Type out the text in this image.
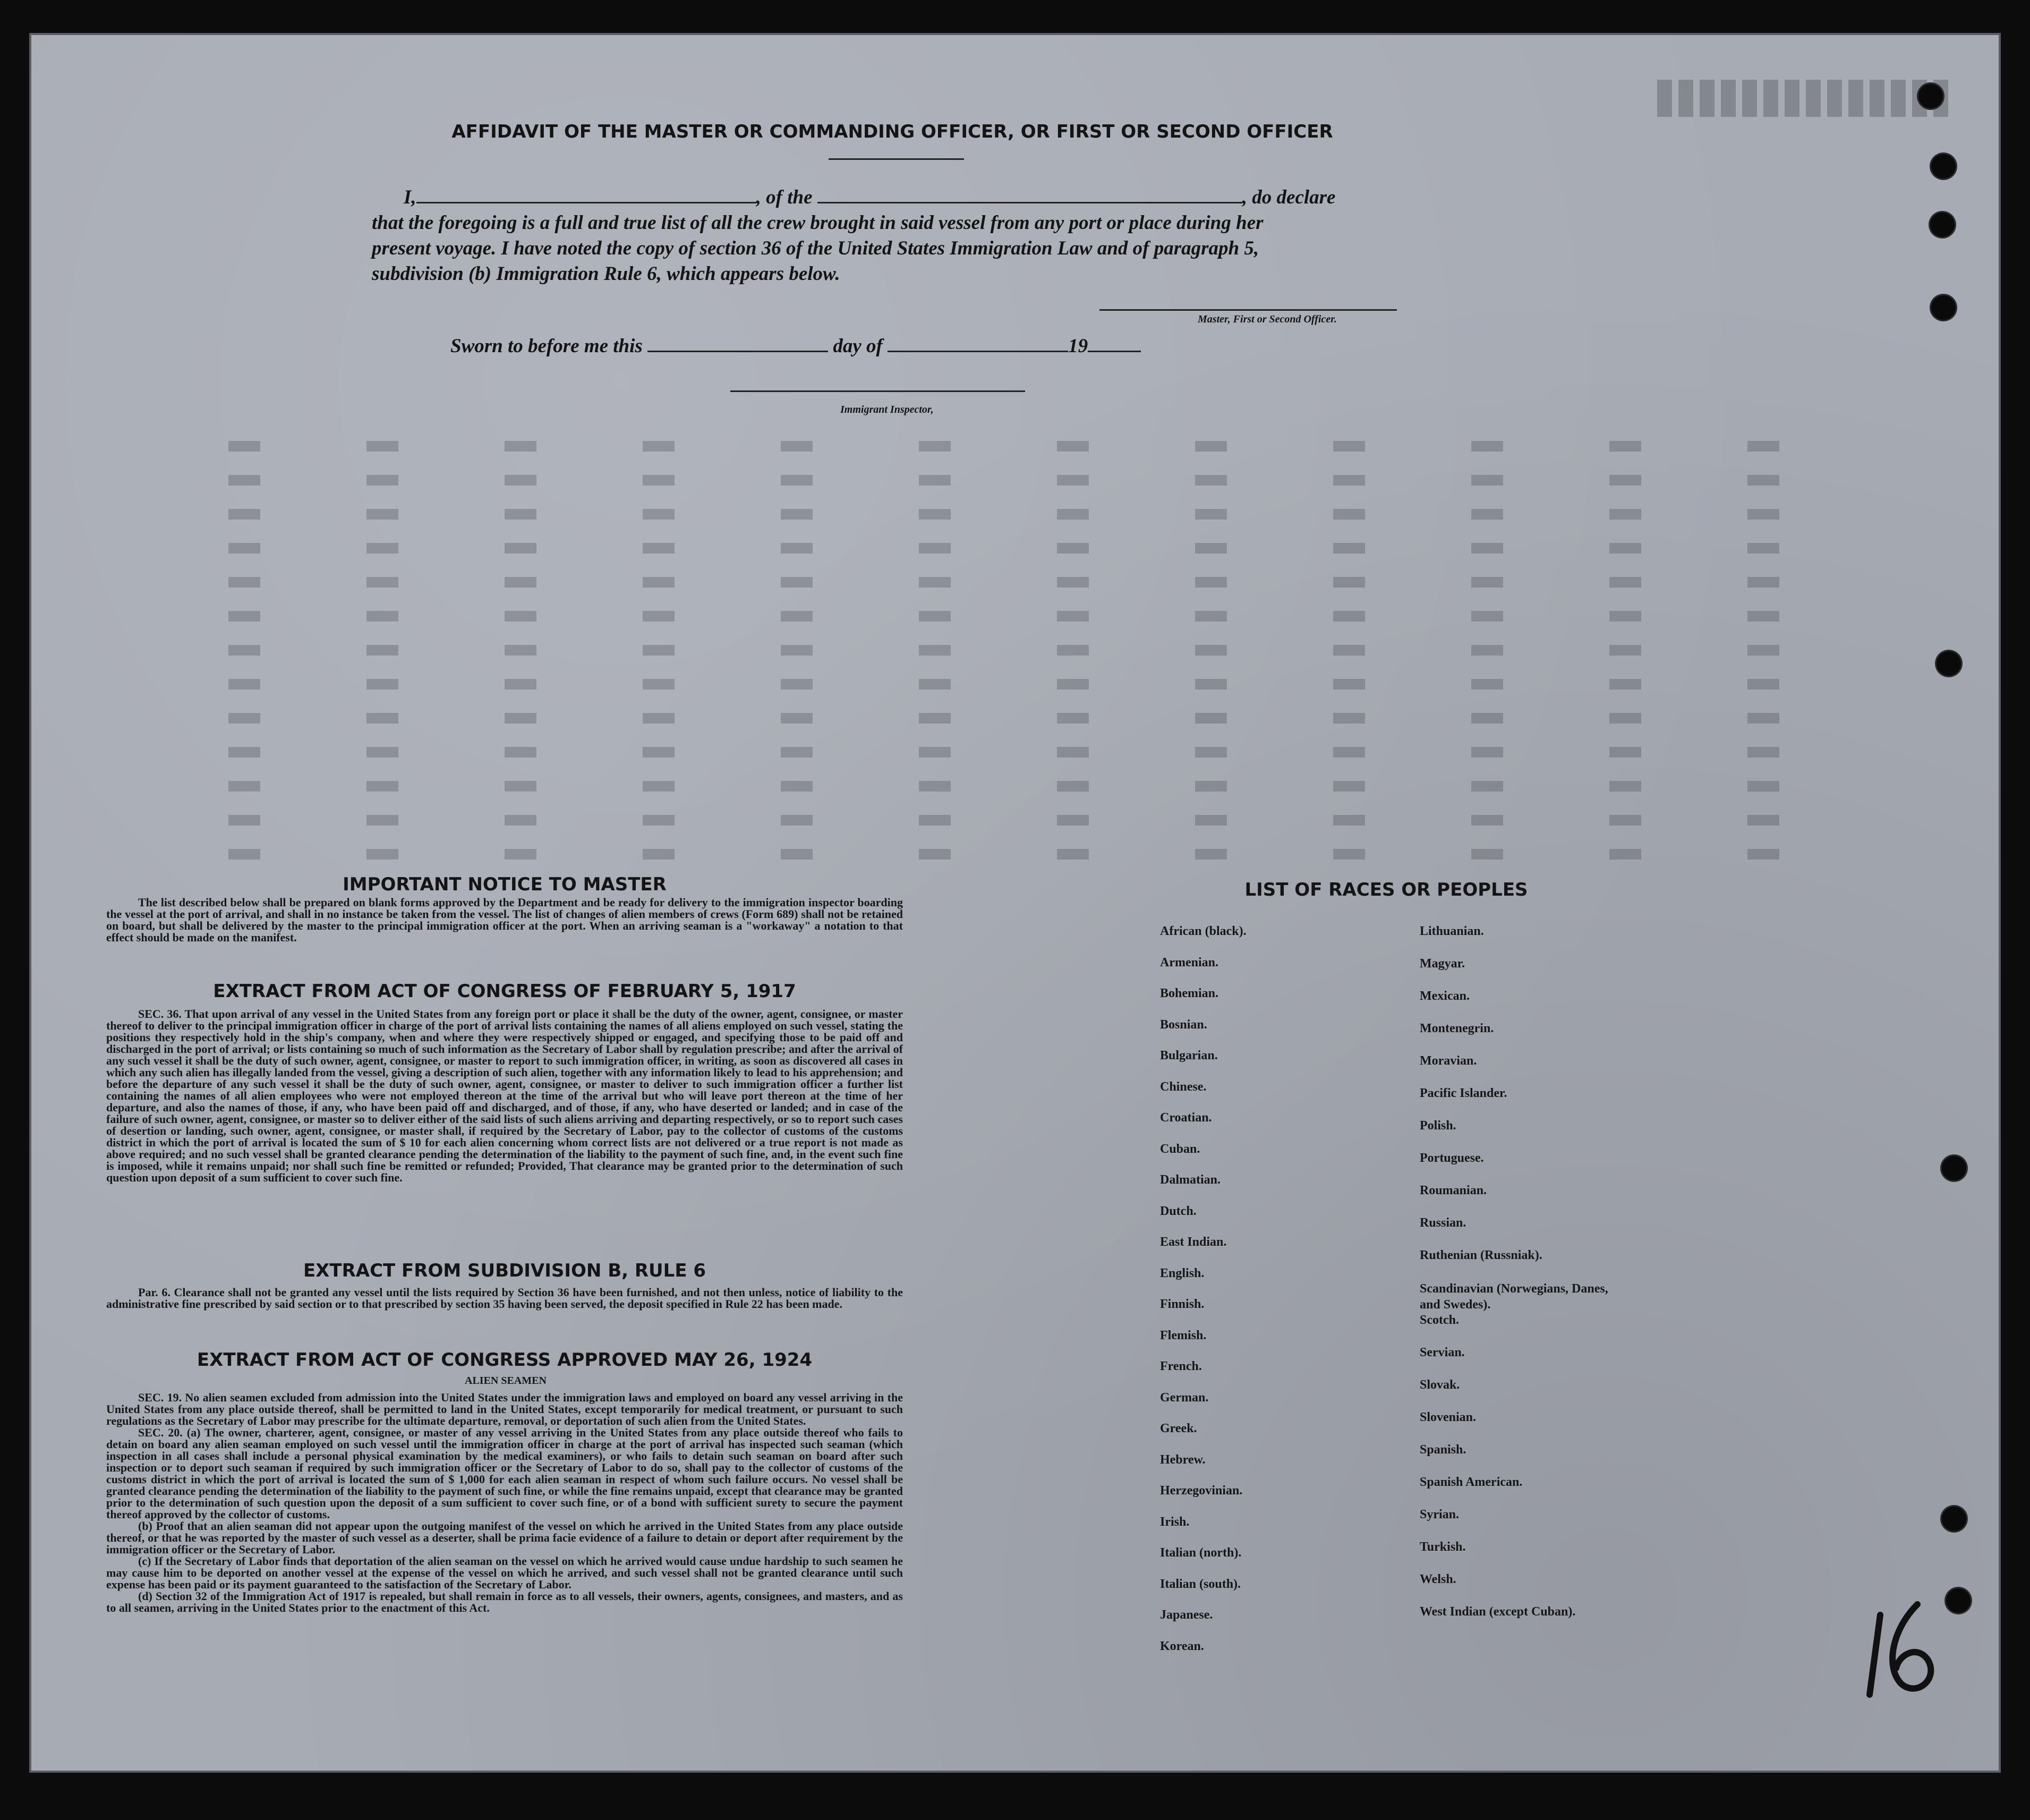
AFFIDAVIT OF THE MASTER OR COMMANDING OFFICER, OR FIRST OR SECOND OFFICER
I,	, of the	, do declare
that the foregoing is a full and true list of all the crew brought in said vessel from any port or place during her
present voyage. I have noted the copy of section 36 of the United States Immigration Law and of paragraph 5,
subdivision (b) Immigration Rule 6, which appears below.
Master, First or Second Officer.
Sworn to before me this	day of	19
Immigrant Inspector,
IMPORTANT NOTICE TO MASTER

The list described below shall be prepared on blank forms approved by the Department and be ready for delivery to the immigration inspector boarding the vessel at the port of arrival, and shall in no instance be taken from the vessel. The list of changes of alien members of crews (Form 689) shall not be retained on board, but shall be delivered by the master to the principal immigration officer at the port. When an arriving seaman is a "workaway" a notation to that effect should be made on the manifest.

EXTRACT FROM ACT OF CONGRESS OF FEBRUARY 5, 1917

SEC. 36. That upon arrival of any vessel in the United States from any foreign port or place it shall be the duty of the owner, agent, consignee, or master thereof to deliver to the principal immigration officer in charge of the port of arrival lists containing the names of all aliens employed on such vessel, stating the positions they respectively hold in the ship's company, when and where they were respectively shipped or engaged, and specifying those to be paid off and discharged in the port of arrival; or lists containing so much of such information as the Secretary of Labor shall by regulation prescribe; and after the arrival of any such vessel it shall be the duty of such owner, agent, consignee, or master to report to such immigration officer, in writing, as soon as discovered all cases in which any such alien has illegally landed from the vessel, giving a description of such alien, together with any information likely to lead to his apprehension; and before the departure of any such vessel it shall be the duty of such owner, agent, consignee, or master to deliver to such immigration officer a further list containing the names of all alien employees who were not employed thereon at the time of the arrival but who will leave port thereon at the time of her departure, and also the names of those, if any, who have been paid off and discharged, and of those, if any, who have deserted or landed; and in case of the failure of such owner, agent, consignee, or master so to deliver either of the said lists of such aliens arriving and departing respectively, or so to report such cases of desertion or landing, such owner, agent, consignee, or master shall, if required by the Secretary of Labor, pay to the collector of customs of the customs district in which the port of arrival is located the sum of $ 10 for each alien concerning whom correct lists are not delivered or a true report is not made as above required; and no such vessel shall be granted clearance pending the determination of the liability to the payment of such fine, and, in the event such fine is imposed, while it remains unpaid; nor shall such fine be remitted or refunded; Provided, That clearance may be granted prior to the determination of such question upon deposit of a sum sufficient to cover such fine.

EXTRACT FROM SUBDIVISION B, RULE 6

Par. 6. Clearance shall not be granted any vessel until the lists required by Section 36 have been furnished, and not then unless, notice of liability to the administrative fine prescribed by said section or to that prescribed by section 35 having been served, the deposit specified in Rule 22 has been made.

EXTRACT FROM ACT OF CONGRESS APPROVED MAY 26, 1924
ALIEN SEAMEN

SEC. 19. No alien seamen excluded from admission into the United States under the immigration laws and employed on board any vessel arriving in the United States from any place outside thereof, shall be permitted to land in the United States, except temporarily for medical treatment, or pursuant to such regulations as the Secretary of Labor may prescribe for the ultimate departure, removal, or deportation of such alien from the United States.

SEC. 20. (a) The owner, charterer, agent, consignee, or master of any vessel arriving in the United States from any place outside thereof who fails to detain on board any alien seaman employed on such vessel until the immigration officer in charge at the port of arrival has inspected such seaman (which inspection in all cases shall include a personal physical examination by the medical examiners), or who fails to detain such seaman on board after such inspection or to deport such seaman if required by such immigration officer or the Secretary of Labor to do so, shall pay to the collector of customs of the customs district in which the port of arrival is located the sum of $ 1,000 for each alien seaman in respect of whom such failure occurs. No vessel shall be granted clearance pending the determination of the liability to the payment of such fine, or while the fine remains unpaid, except that clearance may be granted prior to the determination of such question upon the deposit of a sum sufficient to cover such fine, or of a bond with sufficient surety to secure the payment thereof approved by the collector of customs.

(b) Proof that an alien seaman did not appear upon the outgoing manifest of the vessel on which he arrived in the United States from any place outside thereof, or that he was reported by the master of such vessel as a deserter, shall be prima facie evidence of a failure to detain or deport after requirement by the immigration officer or the Secretary of Labor.

(c) If the Secretary of Labor finds that deportation of the alien seaman on the vessel on which he arrived would cause undue hardship to such seamen he may cause him to be deported on another vessel at the expense of the vessel on which he arrived, and such vessel shall not be granted clearance until such expense has been paid or its payment guaranteed to the satisfaction of the Secretary of Labor.

(d) Section 32 of the Immigration Act of 1917 is repealed, but shall remain in force as to all vessels, their owners, agents, consignees, and masters, and as to all seamen, arriving in the United States prior to the enactment of this Act.

LIST OF RACES OR PEOPLES
African (black).
Armenian.
Bohemian.
Bosnian.
Bulgarian.
Chinese.
Croatian.
Cuban.
Dalmatian.
Dutch.
East Indian.
English.
Finnish.
Flemish.
French.
German.
Greek.
Hebrew.
Herzegovinian.
Irish.
Italian (north).
Italian (south).
Japanese.
Korean.
Lithuanian.
Magyar.
Mexican.
Montenegrin.
Moravian.
Pacific Islander.
Polish.
Portuguese.
Roumanian.
Russian.
Ruthenian (Russniak).
Scandinavian (Norwegians, Danes, and Swedes).
Scotch.
Servian.
Slovak.
Slovenian.
Spanish.
Spanish American.
Syrian.
Turkish.
Welsh.
West Indian (except Cuban).
